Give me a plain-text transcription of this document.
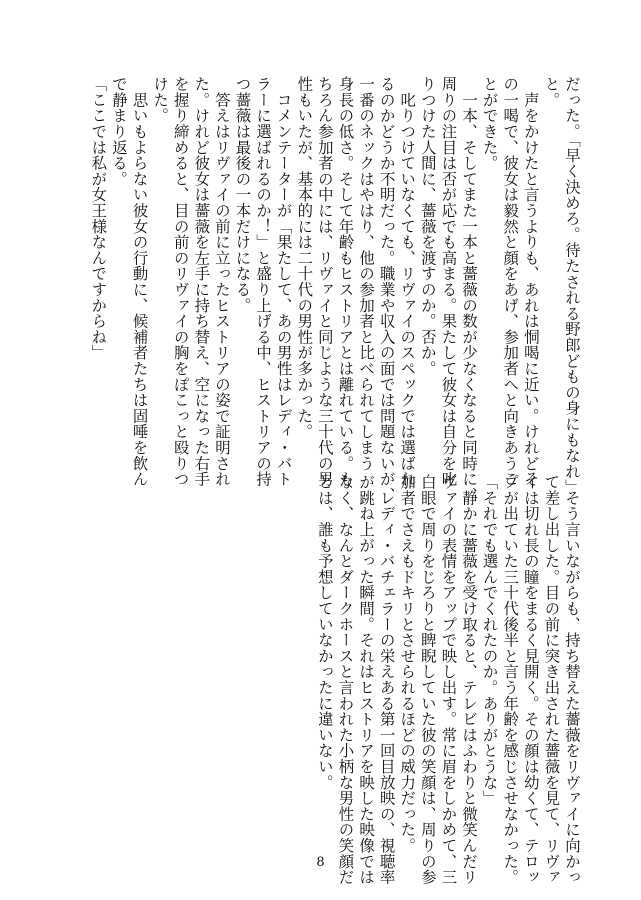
だった。「早く決めろ。待たされる野郎どもの身にもなれ」
と。
　声をかけたと言うよりも、あれは恫喝に近い。けれどそ
の一喝で、彼女は毅然と顔をあげ、参加者へと向きあうこ
とができた。
　一本、そしてまた一本と薔薇の数が少なくなると同時に、
周りの注目は否が応でも高まる。果たして彼女は自分を叱
りつけた人間に、薔薇を渡すのか。否か。
　叱りつけていなくても、リヴァイのスペックでは選ばれ
るのかどうか不明だった。職業や収入の面では問題ないが、
一番のネックはやはり、他の参加者と比べられてしまう
身長の低さ。そして年齢もヒストリアとは離れている。も
ちろん参加者の中には、リヴァイと同じような三十代の男
性もいたが、基本的には二十代の男性が多かった。
　コメンテーターが「果たして、あの男性はレディ・バト
ラーに選ばれるのか！」と盛り上げる中、ヒストリアの持
つ薔薇は最後の一本だけになる。
　答えはリヴァイの前に立ったヒストリアの姿で証明され
た。けれど彼女は薔薇を左手に持ち替え、空になった右手
を握り締めると、目の前のリヴァイの胸をぽこっと殴りつ
けた。
　思いもよらない彼女の行動に、候補者たちは固唾を飲ん
で静まり返る。
「ここでは私が女王様なんですからね」
　そう言いながらも、持ち替えた薔薇をリヴァイに向かっ
て差し出した。目の前に突き出された薔薇を見て、リヴァ
イは切れ長の瞳をまるく見開く。その顔は幼くて、テロッ
プが出ていた三十代後半と言う年齢を感じさせなかった。
「それでも選んでくれたのか。ありがとうな」
　静かに薔薇を受け取ると、テレビはふわりと微笑んだリ
ヴァイの表情をアップで映し出す。常に眉をしかめて、三
白眼で周りをじろりと睥睨していた彼の笑顔は、周りの参
加者でさえもドキリとさせられるほどの威力だった。
　レディ・バチェラーの栄えある第一回目放映の、視聴率
が跳ね上がった瞬間。それはヒストリアを映した映像では
なく、なんとダークホースと言われた小柄な男性の笑顔だ
とは、誰も予想していなかったに違いない。
8
